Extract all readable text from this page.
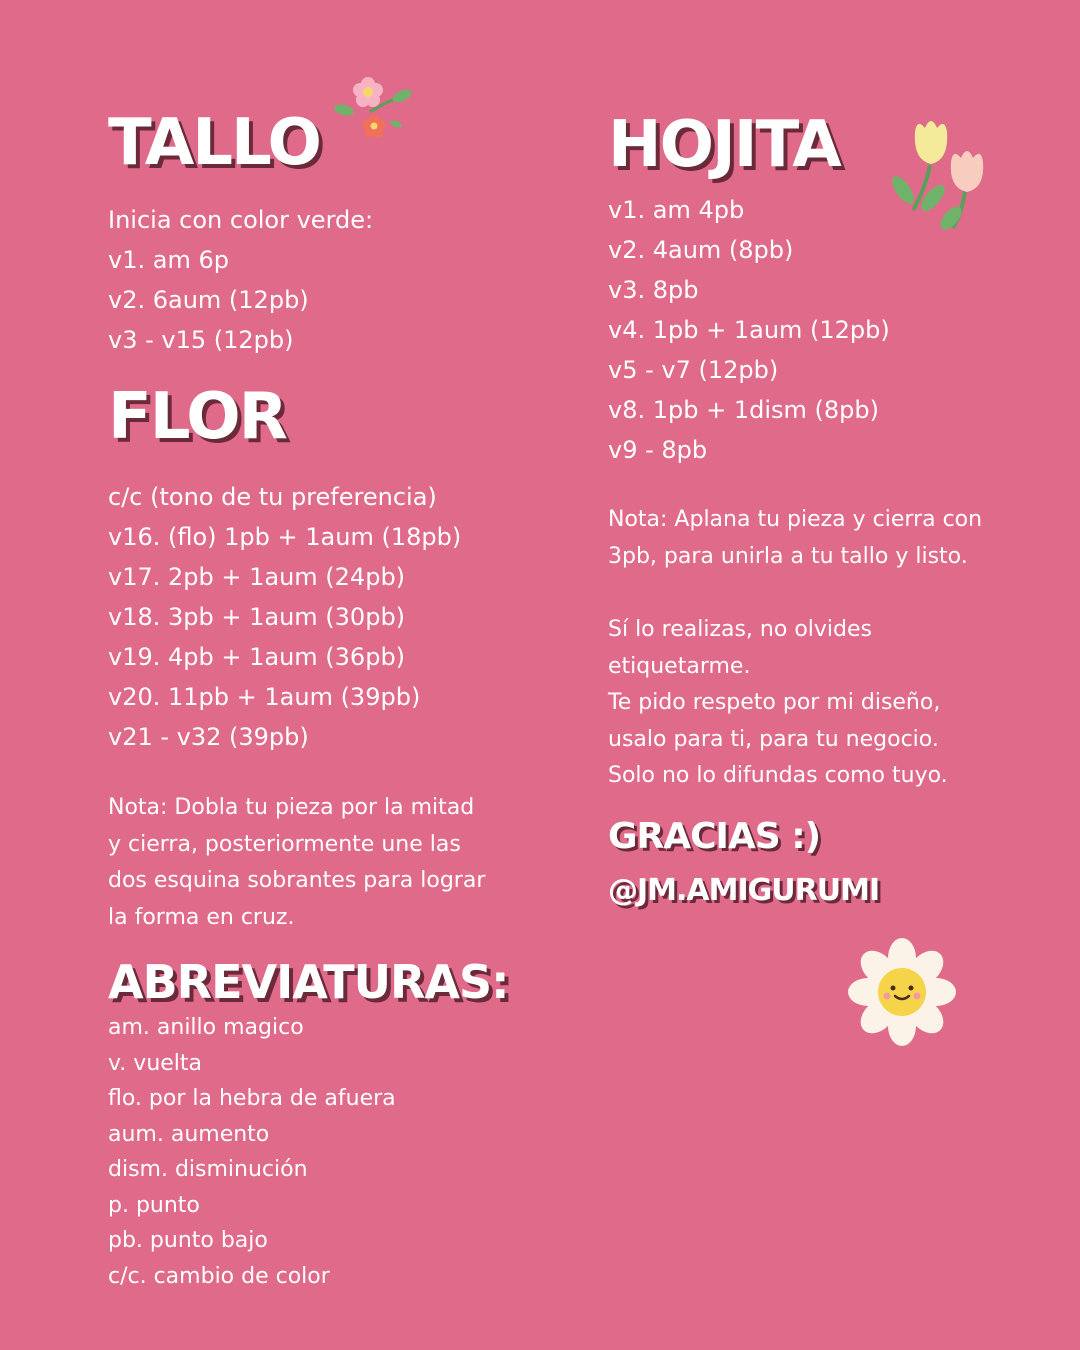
TALLO
Inicia con color verde:
v1. am 6p
v2. 6aum (12pb)
v3 - v15 (12pb)
FLOR
c/c (tono de tu preferencia)
v16. (flo) 1pb + 1aum (18pb)
v17. 2pb + 1aum (24pb)
v18. 3pb + 1aum (30pb)
v19. 4pb + 1aum (36pb)
v20. 11pb + 1aum (39pb)
v21 - v32 (39pb)
Nota: Dobla tu pieza por la mitad
y cierra, posteriormente une las
dos esquina sobrantes para lograr
la forma en cruz.
ABREVIATURAS:
am. anillo magico
v. vuelta
flo. por la hebra de afuera
aum. aumento
dism. disminución
p. punto
pb. punto bajo
c/c. cambio de color
HOJITA
v1. am 4pb
v2. 4aum (8pb)
v3. 8pb
v4. 1pb + 1aum (12pb)
v5 - v7 (12pb)
v8. 1pb + 1dism (8pb)
v9 - 8pb
Nota: Aplana tu pieza y cierra con
3pb, para unirla a tu tallo y listo.
Sí lo realizas, no olvides
etiquetarme.
Te pido respeto por mi diseño,
usalo para ti, para tu negocio.
Solo no lo difundas como tuyo.
GRACIAS :)
@JM.AMIGURUMI
